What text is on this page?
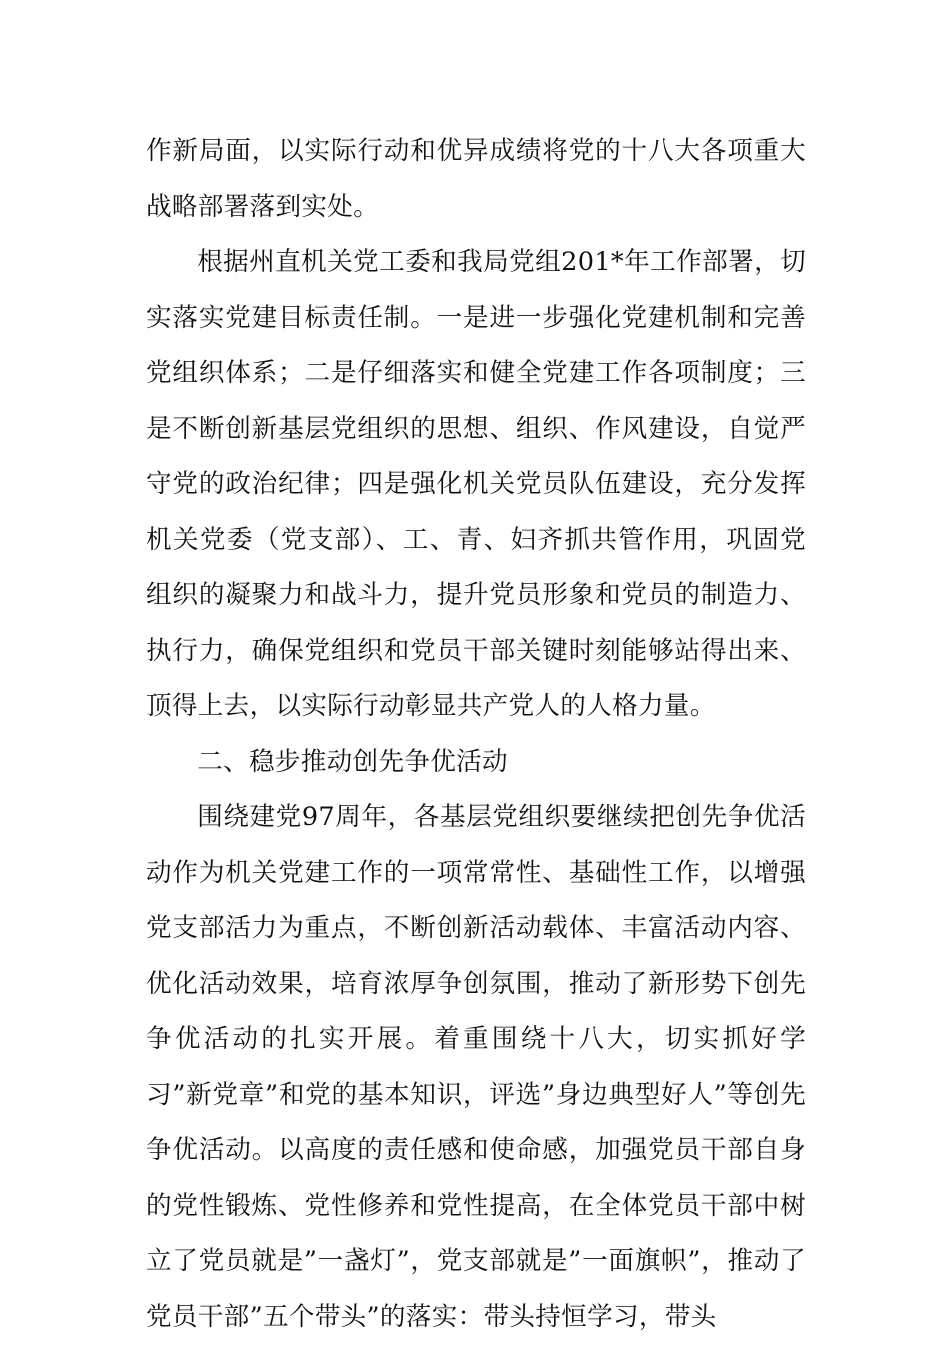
作新局面，以实际行动和优异成绩将党的十八大各项重大战略部署落到实处。

根据州直机关党工委和我局党组201*年工作部署，切实落实党建目标责任制。一是进一步强化党建机制和完善党组织体系；二是仔细落实和健全党建工作各项制度；三是不断创新基层党组织的思想、组织、作风建设，自觉严守党的政治纪律；四是强化机关党员队伍建设，充分发挥机关党委（党支部）、工、青、妇齐抓共管作用，巩固党组织的凝聚力和战斗力，提升党员形象和党员的制造力、执行力，确保党组织和党员干部关键时刻能够站得出来、顶得上去，以实际行动彰显共产党人的人格力量。

二、稳步推动创先争优活动

围绕建党97周年，各基层党组织要继续把创先争优活动作为机关党建工作的一项常常性、基础性工作，以增强党支部活力为重点，不断创新活动载体、丰富活动内容、优化活动效果，培育浓厚争创氛围，推动了新形势下创先争优活动的扎实开展。着重围绕十八大，切实抓好学习”新党章”和党的基本知识，评选”身边典型好人”等创先争优活动。以高度的责任感和使命感，加强党员干部自身的党性锻炼、党性修养和党性提高，在全体党员干部中树立了党员就是”一盏灯”，党支部就是”一面旗帜”，推动了党员干部”五个带头”的落实：带头持恒学习，带头
